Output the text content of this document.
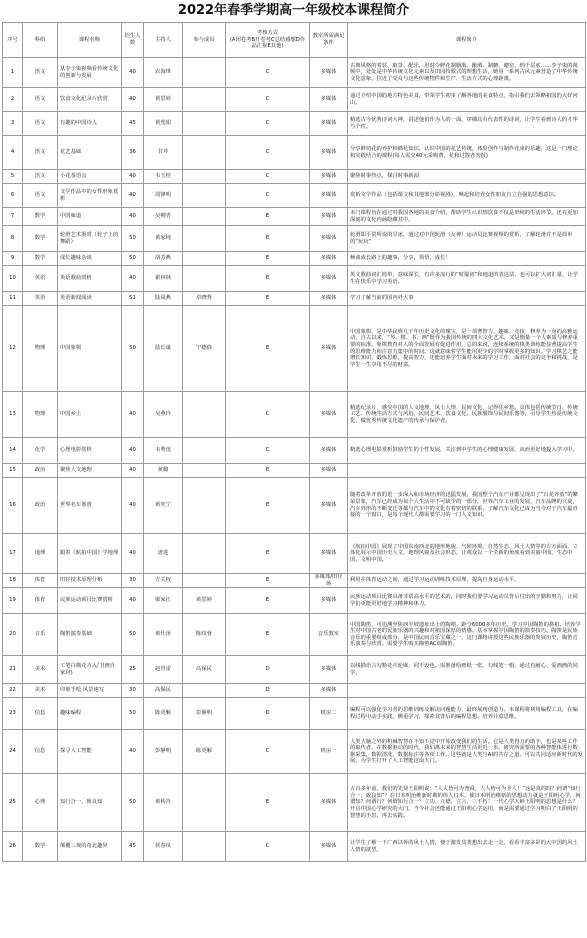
2022年春季学期高一年级校本课程简介
序号	科组	课程名称	招生人数	主持人	参与成员	考核方式
(A闭卷考B开卷考C总结感想D作品汇报E其他)	教室所需满足条件	课程简介
1	语文	从李子柒视频看传统文化的创新与发展	40	农海琪		C	多媒体	古典风格的着装、取景、配乐，用时令鲜花制胭脂、酿酒、制糖、砌窑、纳千层底……李子柒的视频中，处处是中华传统文化元素以及田园牧歌式的理想生活，她用一系列古风元素营造了中华传统文化意象，拉近了受众与这些传统物件和生产、生活方式的心理距离。
2	语文	饮食文化纪录片欣赏	40	黄思婷		C	多媒体	通过介绍中国的地方特色美食，带领学生初步了解各地的美食特点，指引我们去领略祖国的大好河山。
3	语文	有趣的中国诗人	45	黄莲娟		C	多媒体	精选古今优秀诗词大神，讲述他们作为人的一面，穿插具有代表性的诗词，让学生看到诗人的才华与个性。
4	语文	花艺基础	36	甘芹		C	多媒体	分享鲜切花的养护和插花知识，认识中国的花艺传统，体验创作与制作花束的乐趣，这是一门理论和实践结合的课程(每人需交40元采购费，花和过散者勿报)
5	语文	小花茶语会	40	韦玉桂		C	多媒体	聚焦时事热点，探讨时事新闻
6	语文	文学作品中的女性形象赏析	40	周锋明		C	多媒体	赏析文学作品（包括课文和其他部分影视剧），唤起和培养女性朋友自立自强的思想意识。
7	数学	中国味道	40	吴柳青		E	多媒体	本门课程旨在通过对我国各地的美食介绍，帮助学生认识到饮食不仅是单纯的生活环节，还有更加深刻的文化内涵隐藏其中。
8	数学	轮滑艺术鉴赏（轮子上的舞蹈）	50	黄家纯		E	多媒体	轮滑即平常所说的旱冰，通过对中国轮滑（女神）运动员比赛视频的赏析，了解轮滑并不是简单的“玩玩”
9	数学	成长趣味杂谈	50	胡芳燕		E	多媒体	畅谈成长路上的趣事，分享，领悟，成长！
10	英语	英语歌曲赏析	40	翟林林		E	多媒体	英文歌曲词汇简单，意味深长，有许多流行的“时髦词”和地道的表达法，也可以扩大词汇量，让学生在快乐中学习英语。
11	英语	英语新闻阅读	51	陆凤燕	卓晓秀	E	多媒体	学习了解当前的国内外大事
12	物理	中国象棋	50	陆长谋	宁德倩	E	多媒体	中国象棋，是中华民族几千年历史文化的瑰宝，是一项奢智力、趣味、竞技、修养为一身的高雅运动，自古以来，“琴、棋、书、画”既作为我国传统的四大文化艺术，又是衡量一个人素质与修养重要的标准。象棋教育对人的全面发展有促进作用，总的来说，连续系统的棋类训练能显著提高学生的思维能力和注意力集中的时间。这就意味着学生能用更少的学时掌握更多的知识。学习棋艺之能增长知识，锻炼思维，提高智力，还能培养学生面对未来的学习工作，面对社会的竞争和挑战，是学生一生享用不尽的财富。
13	物理	中国乡土	40	吴燕玲		C	多媒体	精选纪录片，感受中国的人文地理、风土人情、民间文化，记得住乡愁。具体包括传统节日、传统工艺、传统生活方式与风俗、民间艺术、饮食文化、民族服饰与民间乐器等，引导学生热爱传统文化，做优秀传统文化遗产的传承与保护者。
14	化学	心理电影赏析	40	韦秀莲		C	多媒体	精选心理电影赏析鼓励学生的个性发展，关注到中学生的心理健康发展，从而更好地投入学习中。
15	政治	聚焦人文地理	40	黄璐		E	多媒体	
16	政治	世界名车鉴赏	40	黄奕宁		E	多媒体	随着改革开放的进一步深入和市场经济的迅猛发展，我国整个汽车产业都呈现出了“百花齐放”的繁荣景象，汽车已经成为每个人生活中不可缺少的一部分，世界汽车工业的发展，汽车品牌的兴衰，汽车外形的不断变迁等都与汽车中的文化有着密切的联系，了解汽车文化已成为当今对于汽车最直接的一个窗口，是每个现代人都需要学习的一门人文知识。
17	地理	跟着《航拍中国》学地理	40	唐进		E	多媒体	《航拍中国》展现了中国东南西北的地形地貌、气候环境、自然生态、风土人情等的方方面面。立体化展示中国历史人文、地理风貌及社会形态，让观众以一个全新的角度看到美丽中国、生态中国、文明中国。
18	体育	田径技术原理分析	30	方关权		E	多媒体/田径场	利用在体育运动之间，通过学习运动训练技术原理，提高自身运动水平。
19	体育	民族运动项目比赛赏析	40	梁家江	黄思婷	E	多媒体	民族运动项目比赛具备非常高水平的艺术的，同时我们要学习运动员背后付出的辛勤和努力，让同学们更能更好地学习精神和体力。
20	音乐	陶笛演奏基础	50	黄仕泽	陈纹蓉	E	音乐教室	中国陶笛，可追溯至陕西半坡遗址出土的陶哨、距今6000多年历史。学习中国陶笛的鼻祖、培养学生对中国古老的民族乐器的兴趣和对祖国深厚的情感。基本掌握中国陶笛的演奏技巧。陶笛是民族音乐的重要组成部分，是中国民间音乐宝藏之一。这门课将讲授这些民族乐器的发展历史，陶笛音乐演奏与欣赏。需要学生购买陶笛AC调陶笛。
21	美术	工笔白描花卉入门(画自家材)	25	赵冒雷	高保民	D	多媒体	以线描语言勾勒花卉轮廓，同不设色。需准备绘画纸一张、勾线笔一根。通过有耐心、爱画画的同学。
22	美术	印象手绘 风景速写	30	高保民		D	多媒体	
23	信息	趣味编程	50	陈更解	彭静明	D	机房二	编程可以强化学习者的思维训练及解决问题能力，最终展现创造力。本课程将利用编程工具，在编程过程中动手实践，侧重学习，探索其背后的编程思想，培养计算思维。
24	信息	探寻人工智能	40	彭静明	陈更解	C	机房一	人类大脑之外的机械智慧在不知不觉中开始改变我们的生活。它是人类得力的助手，也是某些工作的取代者。在数据驱动的时代，我们离未来的智慧生活更近一步。研究所需要的各种智能体进行数据采集，数据清洗，数据标注等各项工作。这些就是人类与AI的共存之道，可以共同适应新时代的发展，为学生打开了人工智能这扇大门。
25	心理	知行合一，致良知	50	黄转丹		E	多媒体	五百多年前，我们的先贤王阳明说：“人人皆可为尧舜，人人皆可为圣人！”这是真的吗？何谓“知行合一、致良知”？在日本明治维新时期的伟人日本，使日本明治维新的思想动力就是王阳明心学。何谓知？何谓行？何谓知行合一？立功、立德、立言，三不朽！一代心学大师王阳明的思想是什么？开启中国心学研究的大门，当今社会还能通过王阳明心学运用，而是需要通过学习明白了王阳明的智慧的不思，再去实践。
26	数学	颠覆三观的奇北趣异	45	侯春凤		C	多媒体	让学生了解一下广西以外的风土人情，便于激发其类想出去走一走，看看丰富多彩的大中国的风土人情的欲望。
